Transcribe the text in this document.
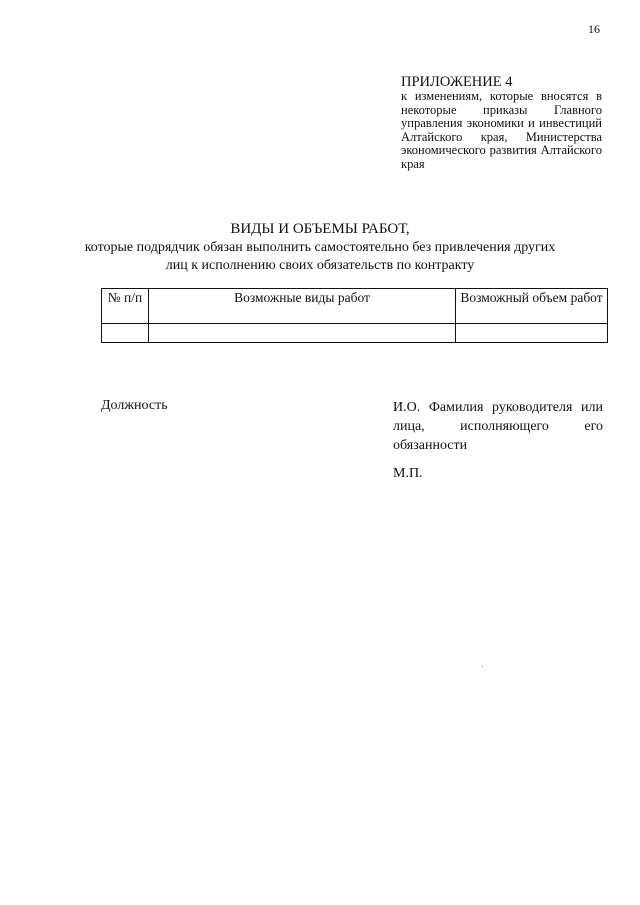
16
ПРИЛОЖЕНИЕ 4
к изменениям, которые вносятся в некоторые приказы Главного управления экономики и инвестиций Алтайского края, Министерства экономического развития Алтайского края
ВИДЫ И ОБЪЕМЫ РАБОТ,
которые подрядчик обязан выполнить самостоятельно без привлечения других
лиц к исполнению своих обязательств по контракту
№ п/п	Возможные виды работ	Возможный объем работ

Должность	И.О. Фамилия руководителя или лица, исполняющего его обязанности
М.П.
